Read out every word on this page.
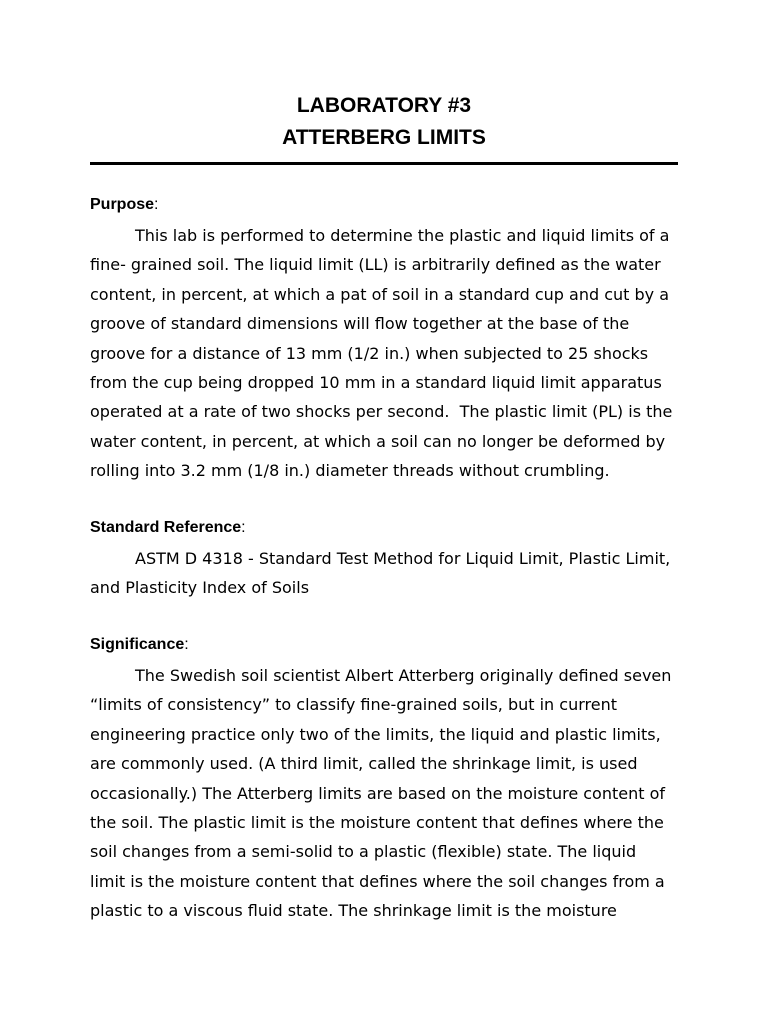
LABORATORY #3
ATTERBERG LIMITS

Purpose:

This lab is performed to determine the plastic and liquid limits of a
fine- grained soil. The liquid limit (LL) is arbitrarily defined as the water
content, in percent, at which a pat of soil in a standard cup and cut by a
groove of standard dimensions will flow together at the base of the
groove for a distance of 13 mm (1/2 in.) when subjected to 25 shocks
from the cup being dropped 10 mm in a standard liquid limit apparatus
operated at a rate of two shocks per second.  The plastic limit (PL) is the
water content, in percent, at which a soil can no longer be deformed by
rolling into 3.2 mm (1/8 in.) diameter threads without crumbling.

Standard Reference:

ASTM D 4318 - Standard Test Method for Liquid Limit, Plastic Limit,
and Plasticity Index of Soils

Significance:

The Swedish soil scientist Albert Atterberg originally defined seven
“limits of consistency” to classify fine-grained soils, but in current
engineering practice only two of the limits, the liquid and plastic limits,
are commonly used. (A third limit, called the shrinkage limit, is used
occasionally.) The Atterberg limits are based on the moisture content of
the soil. The plastic limit is the moisture content that defines where the
soil changes from a semi-solid to a plastic (flexible) state. The liquid
limit is the moisture content that defines where the soil changes from a
plastic to a viscous fluid state. The shrinkage limit is the moisture
